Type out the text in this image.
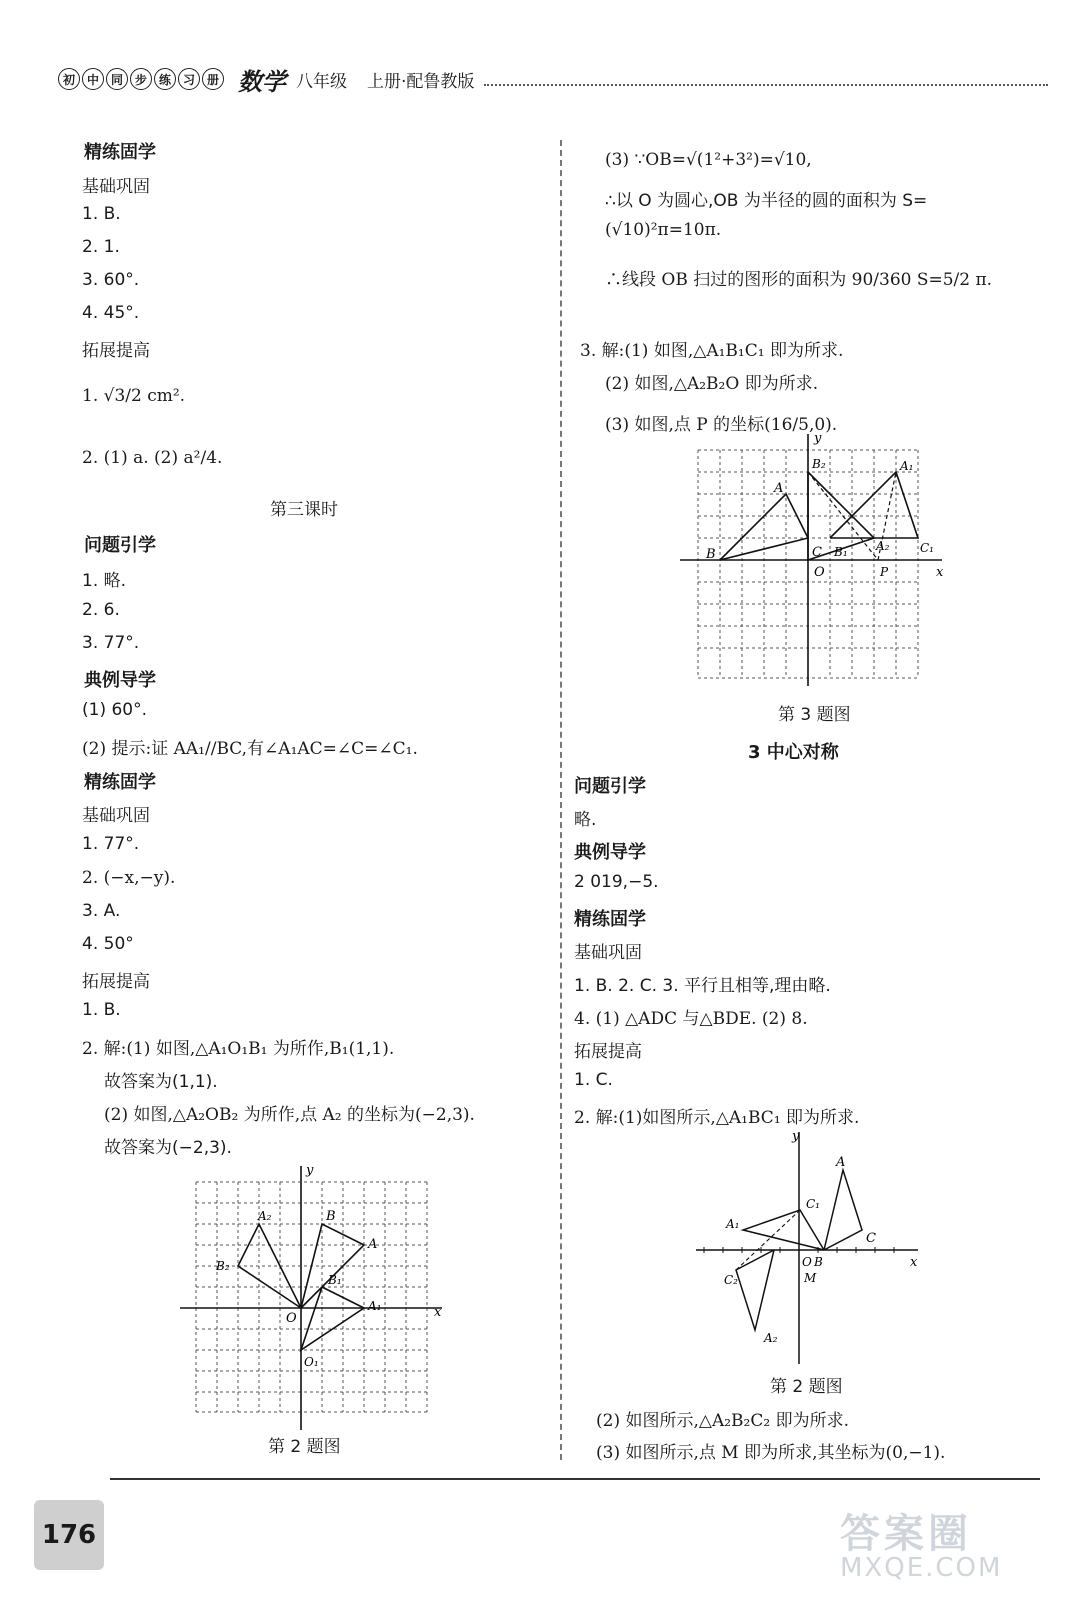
初 中 同 步 练 习 册 数学 八年级 上册·配鲁教版
精练固学
基础巩固
1. B.
2. 1.
3. 60°.
4. 45°.
拓展提高
1. √3/2 cm².
2. (1) a. (2) a²/4.
第三课时
问题引学
1. 略.
2. 6.
3. 77°.
典例导学
(1) 60°.
(2) 提示:证 AA₁//BC,有∠A₁AC=∠C=∠C₁.
精练固学
基础巩固
1. 77°.
2. (−x,−y).
3. A.
4. 50°
拓展提高
1. B.
2. 解:(1) 如图,△A₁O₁B₁ 为所作,B₁(1,1).
故答案为(1,1).
(2) 如图,△A₂OB₂ 为所作,点 A₂ 的坐标为(−2,3).
故答案为(−2,3).
x
y
O
B
A
B₁
A₁
O₁
A₂
B₂
第 2 题图
(3) ∵OB=√(1²+3²)=√10,
∴以 O 为圆心,OB 为半径的圆的面积为 S=
(√10)²π=10π.
∴线段 OB 扫过的图形的面积为 90/360 S=5/2 π.
3. 解:(1) 如图,△A₁B₁C₁ 即为所求.
(2) 如图,△A₂B₂O 即为所求.
(3) 如图,点 P 的坐标(16/5,0).
x
y
O
B
A
C
B₂	A₁
B₁	C₁
A₂
P
第 3 题图
3 中心对称
问题引学
略.
典例导学
2 019,−5.
精练固学
基础巩固
1. B. 2. C. 3. 平行且相等,理由略.
4. (1) △ADC 与△BDE. (2) 8.
拓展提高
1. C.
2. 解:(1)如图所示,△A₁BC₁ 即为所求.
x
y
O B
A
C
A₁
C₁
C₂
A₂
M
第 2 题图
(2) 如图所示,△A₂B₂C₂ 即为所求.
(3) 如图所示,点 M 即为所求,其坐标为(0,−1).
176	答案圈
MXQE.COM
